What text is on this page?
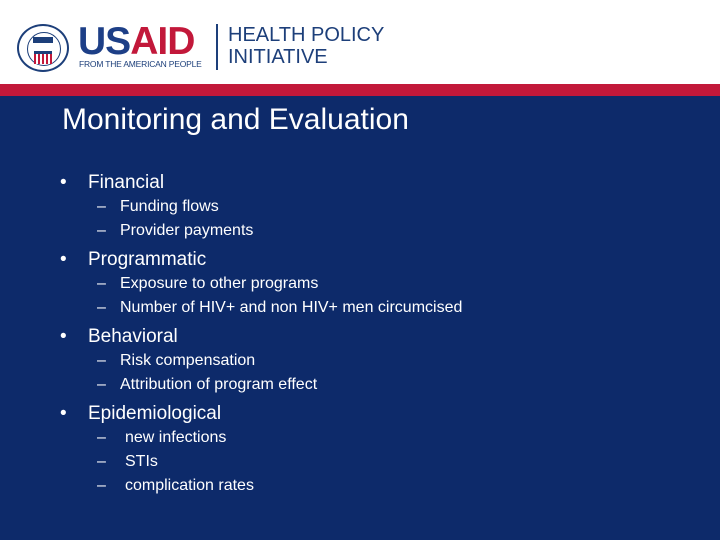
USAID
FROM THE AMERICAN PEOPLE
HEALTH POLICY
INITIATIVE
Monitoring and Evaluation
• Financial
– Funding flows
– Provider payments
• Programmatic
– Exposure to other programs
– Number of HIV+ and non HIV+ men circumcised
• Behavioral
– Risk compensation
– Attribution of program effect
• Epidemiological
– new infections
– STIs
– complication rates
